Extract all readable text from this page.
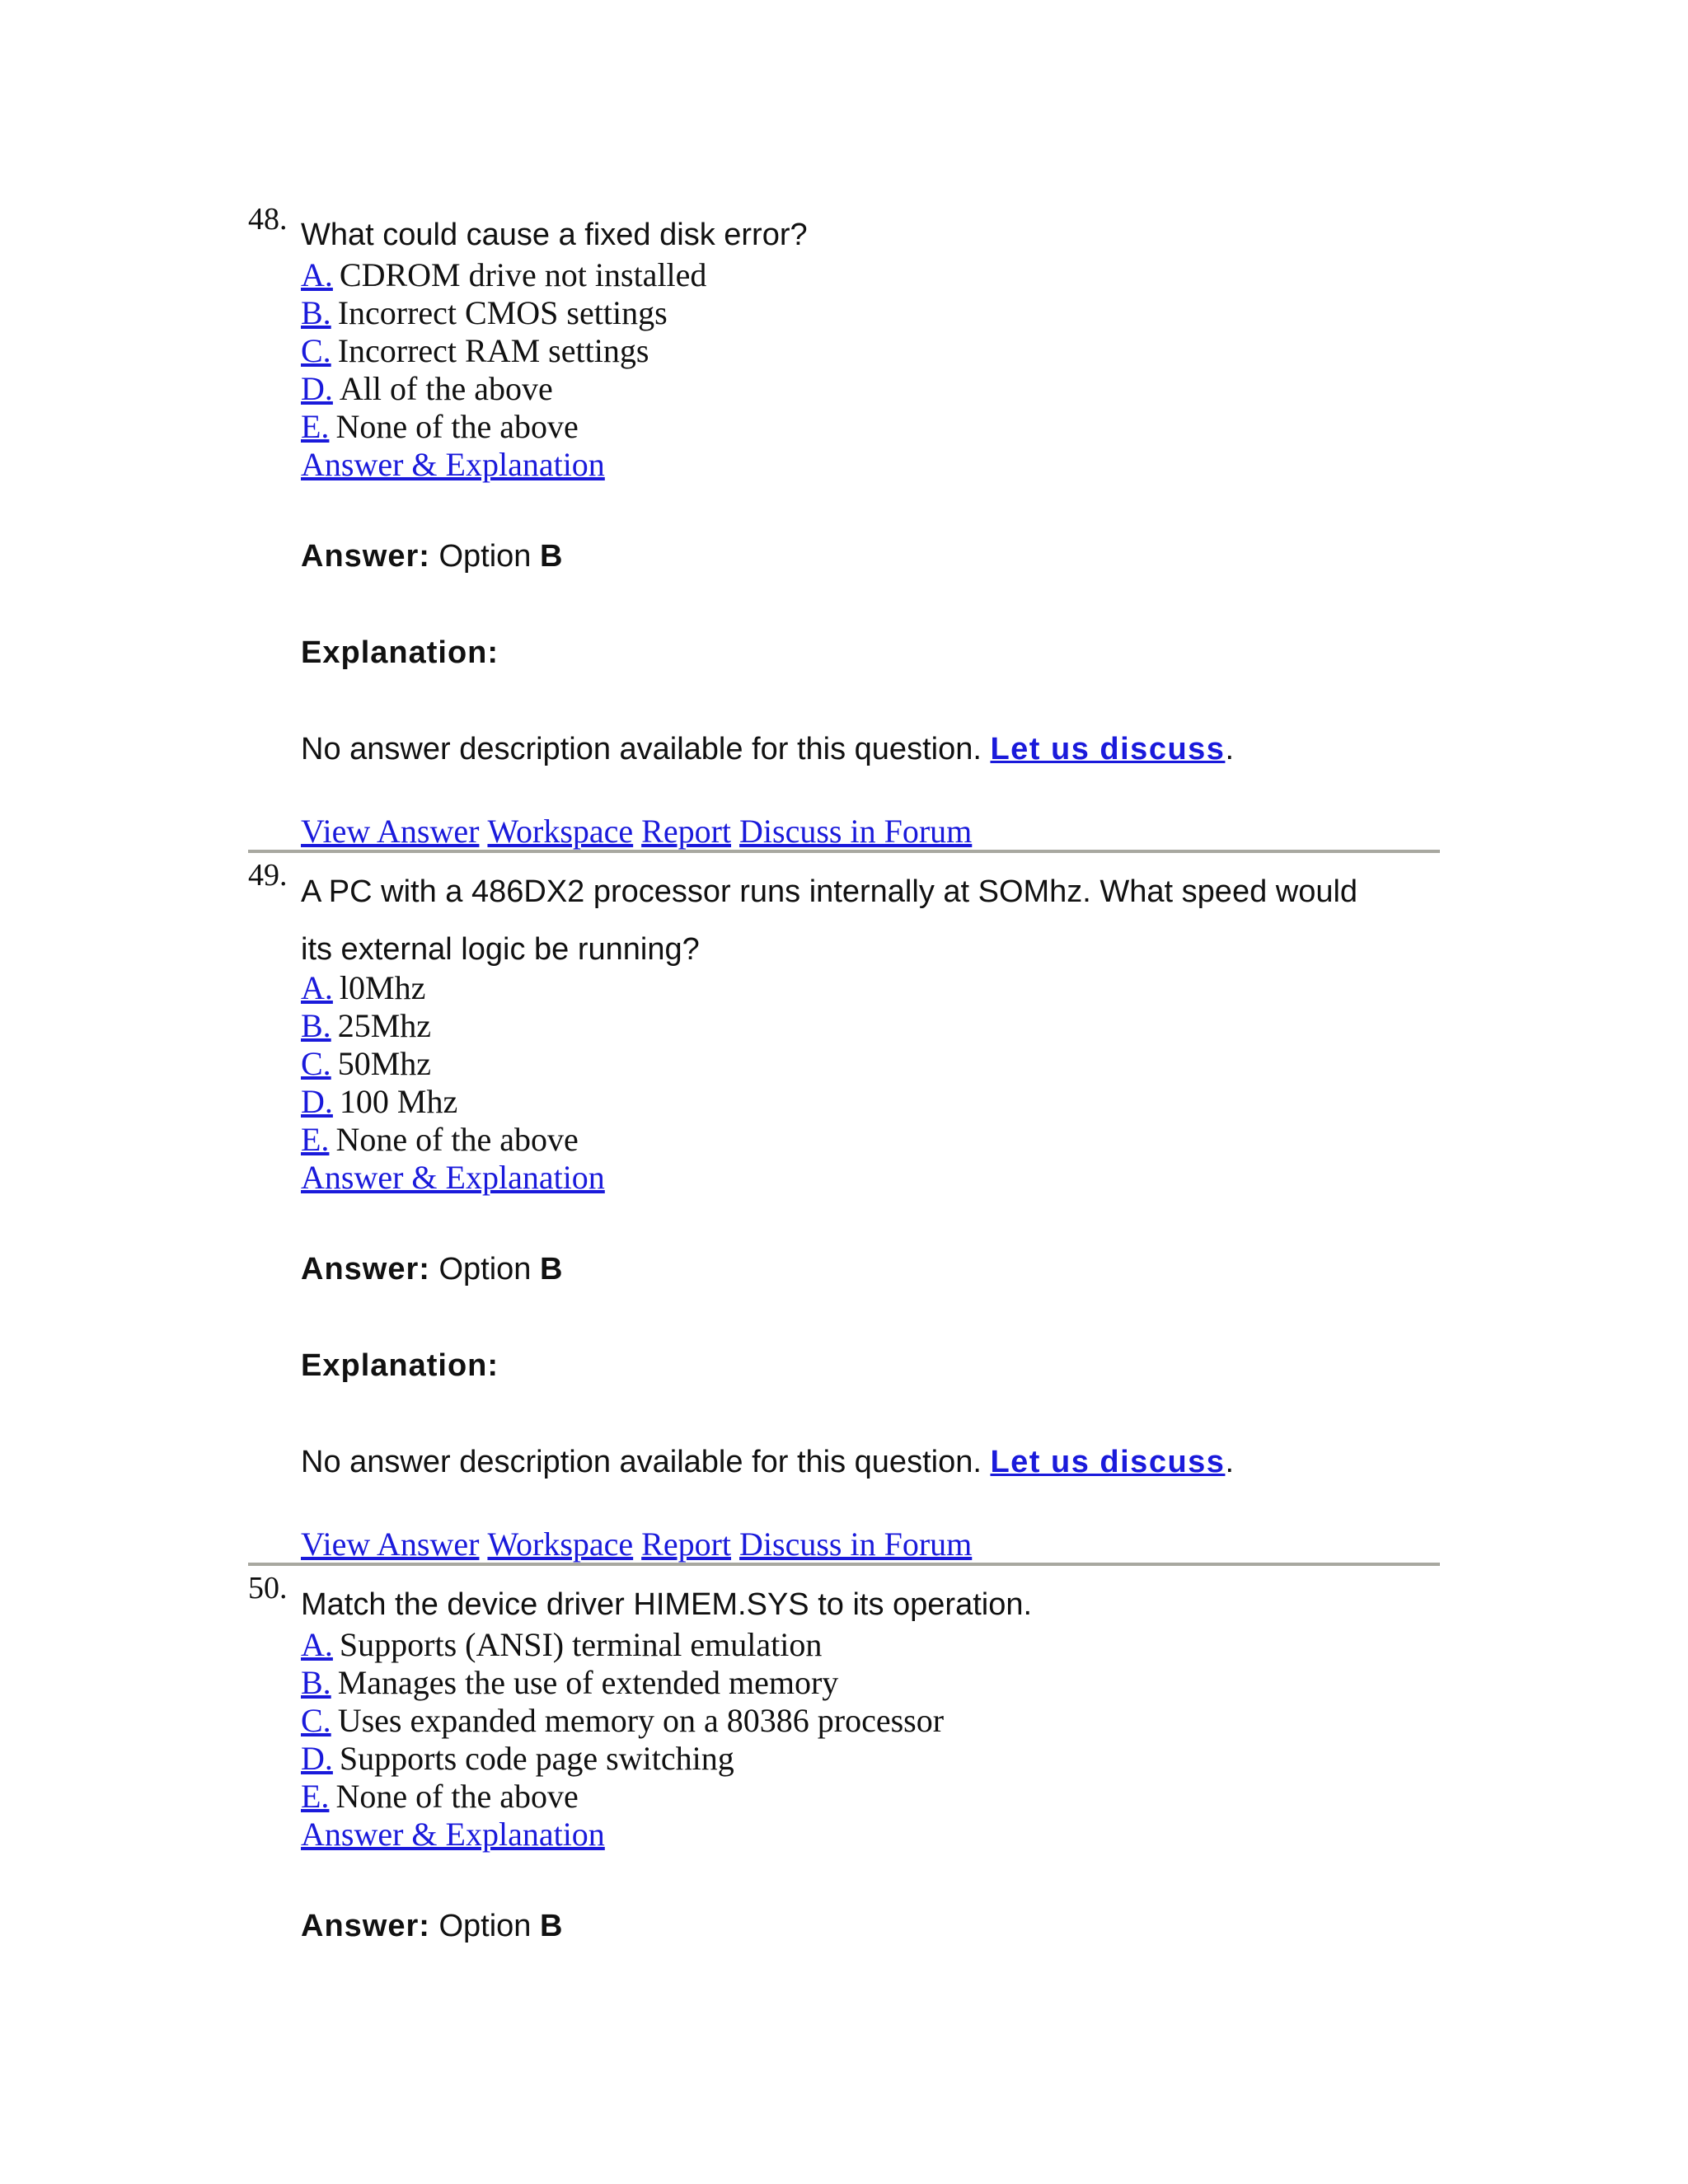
48. What could cause a fixed disk error?
A. CDROM drive not installed
B. Incorrect CMOS settings
C. Incorrect RAM settings
D. All of the above
E. None of the above
Answer & Explanation
Answer: Option B
Explanation:
No answer description available for this question. Let us discuss.
View Answer Workspace Report Discuss in Forum
49. A PC with a 486DX2 processor runs internally at SOMhz. What speed would
its external logic be running?
A. l0Mhz
B. 25Mhz
C. 50Mhz
D. 100 Mhz
E. None of the above
Answer & Explanation
Answer: Option B
Explanation:
No answer description available for this question. Let us discuss.
View Answer Workspace Report Discuss in Forum
50. Match the device driver HIMEM.SYS to its operation.
A. Supports (ANSI) terminal emulation
B. Manages the use of extended memory
C. Uses expanded memory on a 80386 processor
D. Supports code page switching
E. None of the above
Answer & Explanation
Answer: Option B
